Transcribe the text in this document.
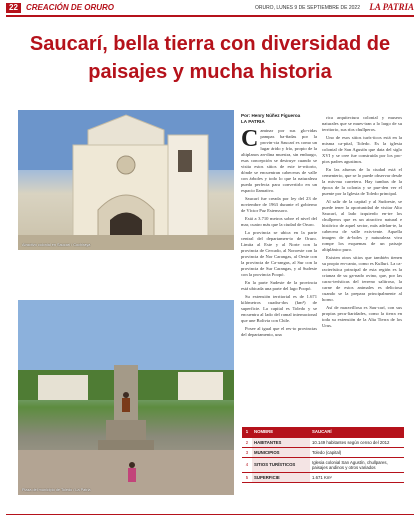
22	CREACIÓN DE ORURO	ORURO, LUNES 9 DE SEPTIEMBRE DE 2022 LA PATRIA
Saucarí, bella tierra con diversidad de paisajes y mucha historia
Atractivo colonial en Saucarí / Cochiraya
Plaza del municipio de Toledo / La Patria
Por: Henry Núñez Figueroa
LA PATRIA

Caminar por sus glo-ridas pampas ba-ñadas por la provin-cia Saucarí es como un lugar árido y frío, propio de la altiplanos an-dina muestra, sin embargo, esas concepción se destruye cuando se visita estos sitios de este te-rritorio, dónde se encuentran cabeceras de valle con árboles y todo lo que la naturaleza pueda perfecta para convertirlo en un espacio llamativo.

Saucarí fue creada por ley del 23 de noviembre de 1963 durante el gobierno de Víctor Paz Estenssoro.

Está a 3.710 metros sobre el nivel del mar, cuatro más que la ciudad de Oruro.

La provincia se ubica en la parte central del departamen-to de Oruro. Limita al Este y al Norte con la provincia de Cercado, al Noroeste con la provincia de Nor Carangas, al Oeste con la provincia de Ca-rangas, al Sur con la provincia de Sur Carangas, y al Sudeste con la provincia Poopó.

En la parte Sudeste de la provincia está ubicada una parte del lago Poopó.

Su extensión territorial es de 1.671 kilómetros cuadra-dos (km²) de superficie. La capital es Toledo y se encuentra al lado del ramal internacional que une Bolivia con Chile.

Posee al igual que el res-to provincias del departamento, una

rica arquitectura colonial y museos naturales que se mues-tran a lo largo de su territorio, sus ríos chullperos.

Uno de esos sitios turís-ticos está en la misma ca-pital, Toledo. Es la iglesia colonial de San Agustín que data del siglo XVI y se cree fue construida por los pro-pios padres agustinos.

En las afueras de la ciudad está el cementerio, que se lo puede observar desde la mis-ma carretera. Hay tumbas de la época de la colonia y se pue-den ver el puente por la Iglesia de Toledo principal.

Al salir de la capital y al Sudoeste, se puede tener la oportunidad de visitar Alto Saucarí, al lado izquierdo en-tre los chullperos que es un atractivo natural e histórico de aquel sector, más adelan-te, la cabecera de valle exis-tente. Aquella imagen de ár-boles y naturaleza viva rompe los esquemas de un paisaje altiplánico puro.

Existen otros sitios que también tienen su propio en-canto, como es Kulluri. La ca-racterística principal de esta región es la crianza de su ga-nado ovino, que, por las carac-terísticas del terreno salitroso, la carne de estos animales es deliciosa cuando se la prepara principalmente al horno.

Así de maravillosa es Sau-carí, con sus propias pecu-liaridades, como la tierra en toda su extensión de la Alta Tierra de los Urus.

1	NOMBRE	SAUCARÍ
2	HABITANTES	10.149 habitantes según censo del 2012
3	MUNICIPIOS	Toledo (capital)
4	SITIOS TURÍSTICOS	Iglesia colonial San Agustín, chullpares, paisajes andinos y otros variados
5	SUPERFICIE	1.671 Km²
